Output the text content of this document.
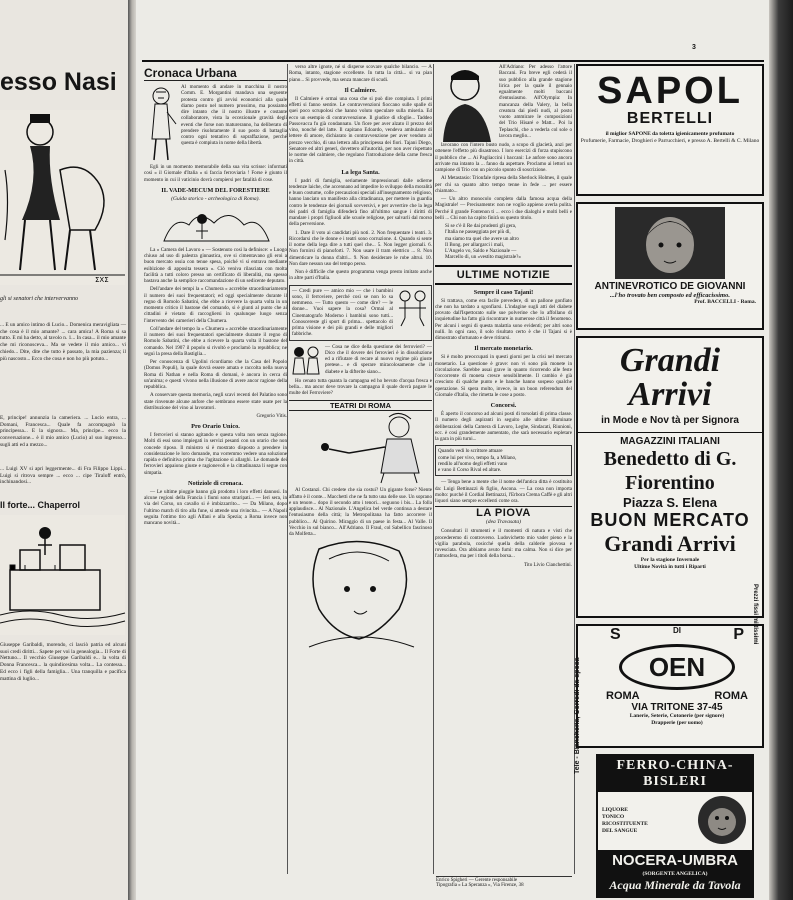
esso Nasi
ΣΧΣ
gli si senatori che intervervanno
... E un amico intimo di Lucio... Domenica meravigliata — che cosa è il mio amante? ... cara amica! A Roma si sa tutto. E mi ha detto, al tavolo n. 1... In casa... il mio amante che mi riconosceva... Ma se vedete il mio amico... vi chiedo... Dite, dite che tutto è passato, la mia pazienza; il più nascosto... Ecco che cosa e non ho più potuto...
E, principe! annunzia la cameriera. ... Lucio entra, ... Domani, Francesca... Quale fa accompagnò la principessa... E la signora... Ma, principe... ecco la conversazione... è il mio amico (Lucio) al suo ingresso... sugli atti ed a mezzo...
... Luigi XV si apri leggermente... di Fra Filippo Lippi... Luigi si ritrova sempre ... ecco ... cipe Tiraloff entrò, inchinandosi...
Il forte... Chaperrol
Giuseppe Garibaldi, morendo, ci lasciò patria ed alcuni suoi credi diritti... Sapete per voi la genealogia... Il Forte di Nettuno... Il vecchio Giuseppe Garibaldi e... la volta di Donna Francesca... la quindicesima volta... La contessa... Ed ecco i figli della famiglia... Una tranquilla e pacifica mattina di luglio...
3
Cronaca Urbana
Al momento di andare in macchina il nostro Comm. E. Morgantini mandava una seguente protesta contro gli avvisi economici alla quale diamo posto nel numero prossimo, ma possiamo dire intanto che il nostro illustre e costante collaboratore, vista la eccezionale gravità degli eventi che forse non matureranno, ha deliberato di prendere risolutamente il suo posto di battaglia contro ogni tentativo di sopraffazione, perché questa è compiuta in nome della libertà.
Egli in un momento memorabile della sua vita scrisse: informati così « il Giornale d'Italia » si faccia ferroviaria ! Forse è giunto il momento in cui il vaticinio dovrà compiersi per fatalità di cose.
IL VADE-MECUM DEL FORESTIERE
(Guida storico - archeologica di Roma).
La « Camera del Lavoro » — Sostenuto così la definisce: « Luogo chiuso ad uso di palestra ginnastica, ove si cimentavano gli eroi a buon mercato ossia con tenue spesa, poiché vi si entrava mediante esibizione di apposita tessera ». Ciò veniva rilasciata con molta facilità a tutti coloro presso un certificato di liberalità, ma spesso bastava anche la semplice raccomandazione di un sedicente deputato.
Dell'andare dei tempi la « Chumera » accrebbe straordinariamente il numero dei suoi frequentatori; ed oggi specialmente durante il regno di Romolo Sabatini, che ebbe a ricevere la quarta volta in un momento critico il bastone del comando, si è giunti al punto che ai cittadini è vietato di raccogliersi in qualunque luogo senza l'intervento dei camerieri della Chumera.
Coll'andare del tempo la « Chumera » accrebbe straordinariamente il numero dei suoi frequentatori specialmente durante il regno di Romolo Sabatini, che ebbe a ricevere la quarta volta il bastone del comando. Nel 1907 il popolo si rivoltò e proclamò la repubblica; ne seguì la presa della Bastiglia...
Per conoscenza di Ugolini ricordiamo che la Casa del Popolo (Domus Populi), la quale dovrà essere amata e raccolta nella nuova Roma di Nathan e nella Roma di domani, è ancora in cerca di un'anima; e questi vivono nella illusione di avere ancor ragione della repubblica.
A conservare questa memoria, negli scavi recenti del Palatino sono state rinvenute alcune anfore che sembrano essere state usate per la distribuzione del vino ai lavoratori.
Gregorio Vitis.
Pro Orario Unico.
I ferrovieri si stanno agitando e questa volta non senza ragione. Molti di essi sono impiegati in servizi pesanti con un orario che non concede riposo. Il ministro si è mostrato disposto a prendere in considerazione le loro domande, ma vorremmo vedere una soluzione rapida e definitiva prima che l'agitazione si allarghi. Le domande dei ferrovieri appaiono giuste e ragionevoli e la cittadinanza li segue con simpatia.
Notiziole di cronaca.
— Le ultime pioggie hanno già prodotto i loro effetti dannosi. In alcune regioni della Francia i fiumi sono straripati... — Ieri sera, in via del Corso, un cavallo si è imbizzarrito... — Da Milano, dopo l'ultimo match di tiro alla fune, si attende una rivincita... — A Napoli seguita l'ottimo tiro agli Alfani e alla Spezia; a Roma invece non mancano novità...
verso altre ignote, né si disperse scovare qualche bilancio. — A Roma, intanto, stagione eccellente. In tutta la città... si va pian piano... Si provvede, ma senza mancare di scudi.
Il Calmiere.
Il Calmiere è ormai una cosa che si può dire compiuta. I primi effetti si fanno sentire. Le contravvenzioni fioccano sulle spalle di quei poco scrupolosi che hanno voluto speculare sulla miseria. Ed ecco un esempio di contravvenzione. Il giudice di sfoglie... Taddeo Passovacca fu già condannato. Un fiore per aver alzato il prezzo del vino, nonché del latte. Il capitano Edoardo, vendeva ambulante di lettere di amore, dichiarato in contravvenzione per aver venduto al prezzo vecchio, di una lettera alla principessa dei fiori. Tajani Diego, Senatore ed altri generi, dovettero all'autorità, per non aver rispettato le norme del calmiere, che regolano l'introduzione della carne fresca in città.
La lega Santa.
I padri di famiglia, seriamente impressionati dalle odierne tendenze laiche, che accennano ad impedire lo sviluppo della moralità e buon costume, colle precauzioni speciali all'insegnamento religioso, hanno lanciato un manifesto alla cittadinanza, per mettere in guardia contro le tendenze dei giornali sovversivi, e per avvertire che la lega dei padri di famiglia difenderà fino all'ultimo sangue i diritti di mandare i propri figliuoli alle scuole religiose, per salvarli dal morso della perversione.
1. Dare il voto ai candidati più noti. 2. Non frequentare i teatri. 3. Ricordarsi che le donne e i teatri sono corruzione. 4. Quando si sente il nome della lega dire a tutti quel che... 5. Non legger giornali. 6. Non fornirsi di pianoforti. 7. Non usare il tram elettrico ... 8. Non dimenticare la donna d'altri... 9. Non desiderare le robe altrui. 10. Non dare nessun uso del tempo perso.
Non è difficile che questo programma venga presto imitato anche in altre parti d'Italia.
— Credi pure — amico mio — che i bambini sono, il ferroviere, perché così se non lo sa nemmeno. — Tutto questo — come dire? — le donne... Vuoi sapere la cosa? Ormai al Cinematografo Moderno i bambini sono tutti... Conoscereste gli sport di prima... spettacolo di prima visione e dei più grandi e delle migliori fabbriche.
— Cosa ne dice della questione dei ferrovieri? — Dico che il dovere dei ferrovieri è in dissoluzione ed a rifiutare di recare al nuovo regime più giuste pretese... e di sperare miracolosamente che il diabete e la difterite siano...
Ho cenato tutta quanta la campagna ed ho bevuto d'acqua fresca e bella... ma ancor deve trovare la campagna il quale dovrà pagare le multe del Ferroviere?
TEATRI DI ROMA
Al Costanzi. Chi credete che sia costui? Un gigante forse? Niente affatto è il conte... Macchetti che ne fa tutto una delle sue. Un soprano e un tenore... dopo il secondo atto i tenori... seguono i bis... La folla applaudisce... Al Nazionale. L'Angelica bel verde continua a destare l'entusiasmo della città; la Metropolitana ha fatto accorrere il pubblico... Al Quirino. Miraggio di un paese in festa... Al Valle. Il Vecchio in sul bianco... All'Adriano. Il Fraul, col Sabellico fascinoso da Molfetta...
All'Adriano: Per adesso l'attore Baccani. Fra breve egli cederà il suo pubblico alla grande stagione lirica per la quale il gennaio egualmente molti baccani d'entusiasmo. All'Olympia: In mancanza della Valery, la bella creatura dai piedi nudi, al posto vuoto ammirare le composizioni del Trio Hisaré e Matt... Poi la Teplaschi, che a vederla col sole o lavora meglio...
lavorano con l'intero busto nudo, a scopo di glacietà, anzi per ottenere l'effetto più disastroso. I loro esercizi di forza stupiscono il pubblico che ... Ai Pagliaccini i baccani: Le anfore sono ancora arrivate ma intanto la ... fanno da aspettare. Proclamo ai lettori un campione di Trio con un piccolo spunto di soscrizione.
Al Metastasio: Trionfale ripresa della Sherlock Holmes, il quale per chi sa quanto altro tempo tenne in fede ... per essere chiamato...
— Un altro monocolo completo dalla famosa acqua della Magistrale! — Precisamente: non ne voglio appieno averla pulita. Perché il grande Fontenon ti ... ecco i due dialoghi e molti belli e belli ... Chi non ha capito finirà su questo titolo.
Si se c'è il Re dai prudenti gli gera,
l'Italia ne passeggiata per più dì,
ma siamo tra quel che avere un altro
Il Bong. per allargarci i mali,
L'Angelo vo, Saldo e Nazionale —
Marcello di, un «vestito magistrale?»
ULTIME NOTIZIE
Sempre il caso Tajani!
Si trattava, come era facile prevedere, di un pallone gonfiato che non ha tardato a sgonfiarsi. L'indagine sugli atti del diabete provato dall'Ispettorato sulle sue polverine che lo affollano di inquietudine ha fatto già riscontrare in numerose città il fenomeno. Per alcuni i segni di questa malattia sono evidenti; per altri sono nulli. In ogni caso, il solo risultato certo è che il Tajani si è dimostrato sfortunato e deve ritirarsi.
Il mercato monetario.
Si è molto preoccupati in questi giorni per la crisi nel mercato monetario. La questione è grave: non vi sono più monete in circolazione. Sarebbe assai grave in quanto ricorrendo alle feste l'occorrente di moneta cresce sensibilmente. Il cambio è già cresciuto di qualche punto e le banche hanno sospeso qualche operazione. Si spera molto, invece, in un buon referendum del Giornale d'Italia, che rimetta le cose a posto.
Concorsi.
È aperto il concorso ad alcuni posti di torsolati di prima classe. Il numero degli aspiranti in seguito alle ultime illuminate deliberazioni della Camera di Lavoro, Leghe, Sindacati, Riunioni, ecc. è così grandemente aumentato, che sarà necessario espletare la gara in più turni...
Quando vedi lo scrittore attuare
come lui per vivo, tempo fa, a Milano,
rendilo all'uomo degli effetti vano
e vano il Corso Rival ed altare.
— Tenga bene a mente che il nome dell'antica ditta è costituito da: Luigi Bettinazzi & figlio, Ascona. — La cosa non importa molto: purché il Cordial Bettinazzi, l'Erbora Crema Caffè e gli altri liquori siano sempre eccellenti come ora.
LA PIOVA
(dea Travasata)
Consultati il strumenti e il momenti di natura e visti che procederemo di controverso. Ludovichetto mio vader pieno e la vigilia parabola, cosicché quella della calderie piovosa e rovesciata. Ora abbiamo avuto fumi: ma calma. Non si dice per l'atmosfera, ma per i titoli della borsa...
Tito Livio Cianchettini.
Enrico Spigheri — Gerente responsabile
Tipografia « La Speranza », Via Firenze, 38
SAPOL
BERTELLI
il miglior SAPONE da toletta igienicamente profumato
Profumerie, Farmacie, Droghieri e Parrucchieri, e presso A. Bertelli & C. Milano
ANTINEVROTICO DE GIOVANNI
...l'ho trovato ben composto ed efficacissimo.
Prof. BACCELLI - Roma.
Grandi
Arrivi
in Mode e Nov tà per Signora
MAGAZZINI ITALIANI
Benedetto di G. Fiorentino
Piazza S. Elena
BUON MERCATO
Grandi Arrivi
Per la stagione Invernale
Ultime Novità in tutti i Riparti
Tele - Biancheria, Corredi da sposa
S	DI	P
OEN
ROMA	ROMA
VIA TRITONE 37-45
Lanerie, Seterie, Cotonerie (per signore)
Drapperie (per uomo)
Prezzi fissi miltissimi
FERRO-CHINA-BISLERI
LIQUORE
TONICO
RICOSTITUENTE
DEL SANGUE
NOCERA-UMBRA
(SORGENTE ANGELICA)
Acqua Minerale da Tavola
